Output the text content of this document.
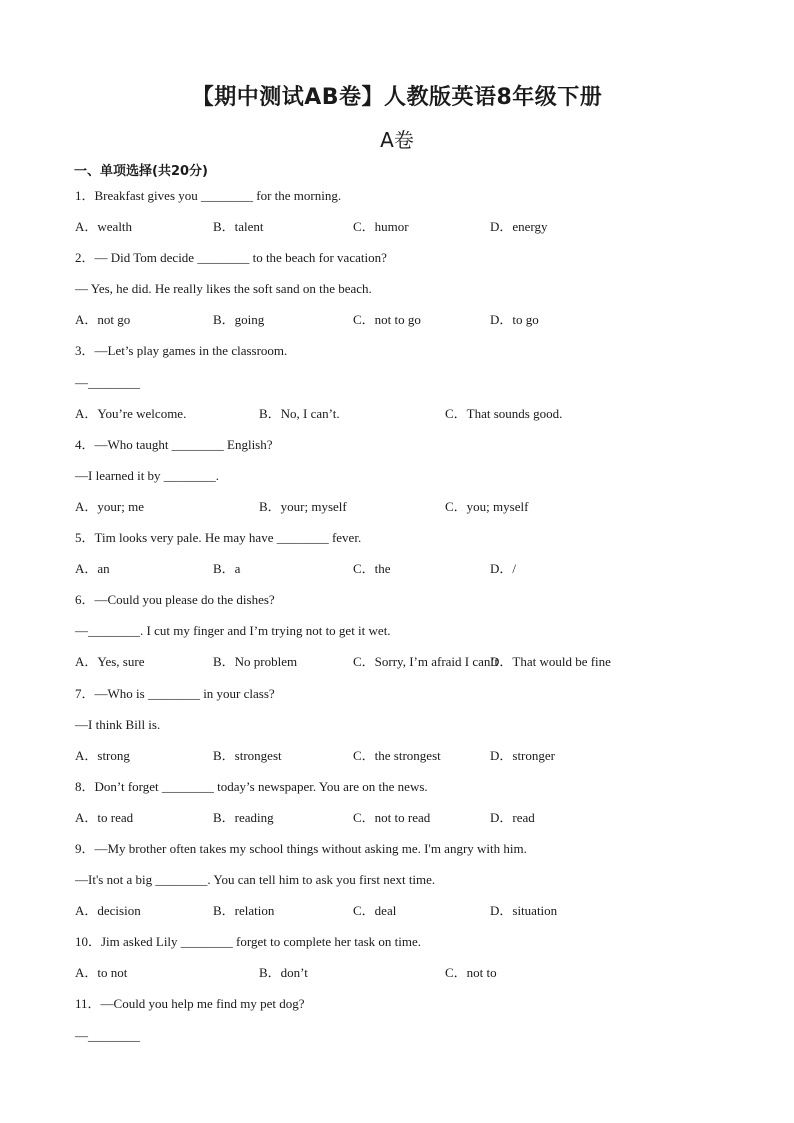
【期中测试AB卷】人教版英语8年级下册
A卷
一、单项选择(共20分)
1．Breakfast gives you ________ for the morning.
A．wealth	B．talent	C．humor	D．energy
2．— Did Tom decide ________ to the beach for vacation?
— Yes, he did. He really likes the soft sand on the beach.
A．not go	B．going	C．not to go	D．to go
3．—Let’s play games in the classroom.
—________
A．You’re welcome.	B．No, I can’t.	C．That sounds good.
4．—Who taught ________ English?
—I learned it by ________.
A．your; me	B．your; myself	C．you; myself
5．Tim looks very pale. He may have ________ fever.
A．an	B．a	C．the	D．/
6．—Could you please do the dishes?
—________. I cut my finger and I’m trying not to get it wet.
A．Yes, sure	B．No problem	C．Sorry, I’m afraid I can’t
D．That would be fine
7．—Who is ________ in your class?
—I think Bill is.
A．strong	B．strongest	C．the strongest	D．stronger
8．Don’t forget ________ today’s newspaper. You are on the news.
A．to read	B．reading	C．not to read	D．read
9．—My brother often takes my school things without asking me. I'm angry with him.
—It's not a big ________. You can tell him to ask you first next time.
A．decision	B．relation	C．deal	D．situation
10．Jim asked Lily ________ forget to complete her task on time.
A．to not	B．don’t	C．not to
11．—Could you help me find my pet dog?
—________
